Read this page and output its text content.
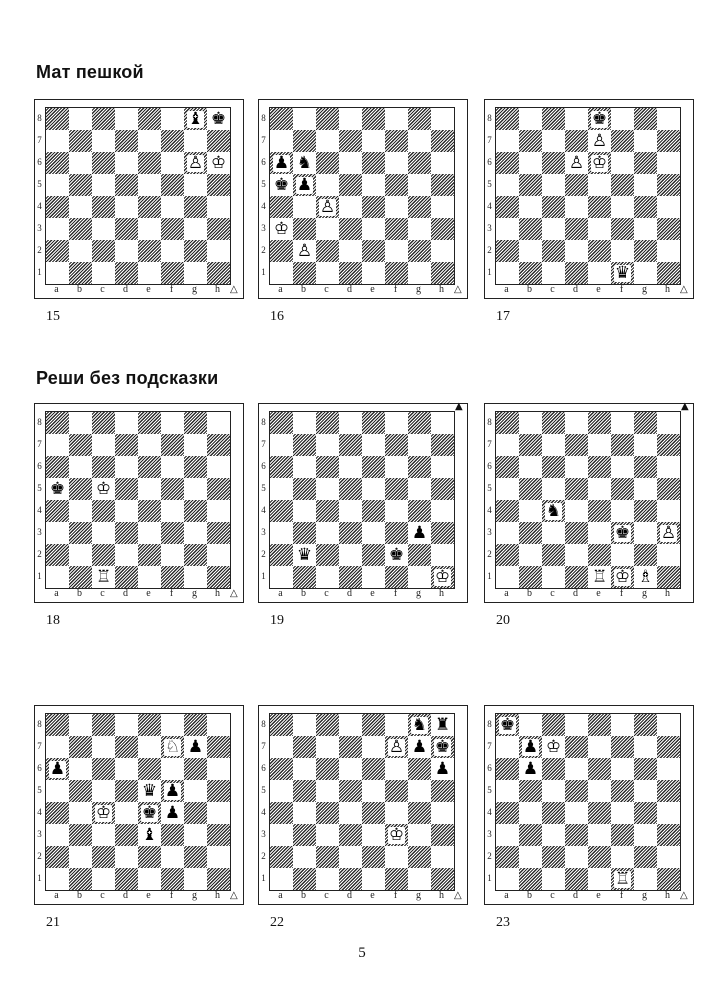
Мат пешкой
Реши без подсказки
8
7
6
5
4
3
2
1
♝ ♚
♙ ♔
a	b	c	d	e	f	g	h	△
15
8
7
6
5
4
3
2
1
♟ ♞
♚ ♟
♙
♔
♙
a	b	c	d	e	f	g	h	△
16
8
7
6
5
4
3
2
1
♚
♙
♙ ♔
♛
a	b	c	d	e	f	g	h	△
17
8
7
6
5
4
3
2
1
♚ ♔
♖
a	b	c	d	e	f	g	h	△
18
8
7
6
5
4
3
2
1
♟
♛	♚
♔
a	b	c	d	e	f	g	h
▲
19
8
7
6
5
4
3
2
1
♞
♚ ♙
♖ ♔ ♗
a	b	c	d	e	f	g	h
▲
20
8
7
6
5
4
3
2
1
♘ ♟
♟
♛ ♟
♔ ♚ ♟
♝
a	b	c	d	e	f	g	h	△
21
8
7
6
5
4
3
2
1
♞ ♜
♙ ♟ ♚
♟
♔
a	b	c	d	e	f	g	h	△
22
8
7
6
5
4
3
2
1
♚
♟ ♔
♟
♖
a	b	c	d	e	f	g	h	△
23
5
